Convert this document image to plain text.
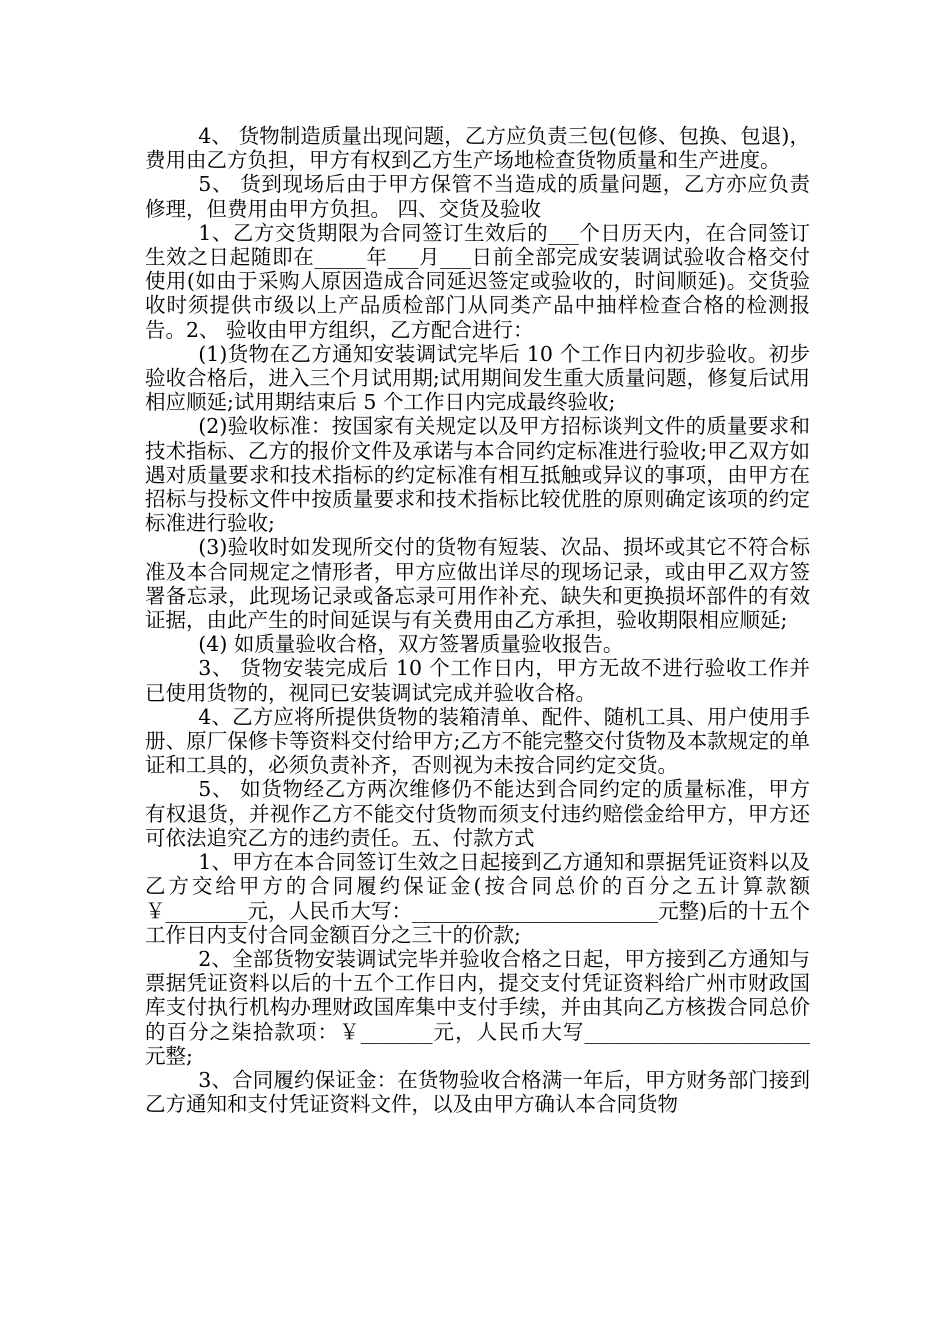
4、 货物制造质量出现问题，乙方应负责三包(包修、包换、包退)，费用由乙方负担，甲方有权到乙方生产场地检查货物质量和生产进度。

5、 货到现场后由于甲方保管不当造成的质量问题，乙方亦应负责修理，但费用由甲方负担。 四、交货及验收

1、乙方交货期限为合同签订生效后的___个日历天内，在合同签订生效之日起随即在_____年___月___日前全部完成安装调试验收合格交付使用(如由于采购人原因造成合同延迟签定或验收的，时间顺延)。交货验收时须提供市级以上产品质检部门从同类产品中抽样检查合格的检测报告。2、 验收由甲方组织，乙方配合进行：

(1)货物在乙方通知安装调试完毕后 10 个工作日内初步验收。初步验收合格后，进入三个月试用期;试用期间发生重大质量问题，修复后试用相应顺延;试用期结束后 5 个工作日内完成最终验收;

(2)验收标准：按国家有关规定以及甲方招标谈判文件的质量要求和技术指标、乙方的报价文件及承诺与本合同约定标准进行验收;甲乙双方如遇对质量要求和技术指标的约定标准有相互抵触或异议的事项，由甲方在招标与投标文件中按质量要求和技术指标比较优胜的原则确定该项的约定标准进行验收;

(3)验收时如发现所交付的货物有短装、次品、损坏或其它不符合标准及本合同规定之情形者，甲方应做出详尽的现场记录，或由甲乙双方签署备忘录，此现场记录或备忘录可用作补充、缺失和更换损坏部件的有效证据，由此产生的时间延误与有关费用由乙方承担，验收期限相应顺延;

(4) 如质量验收合格，双方签署质量验收报告。

3、 货物安装完成后 10 个工作日内，甲方无故不进行验收工作并已使用货物的，视同已安装调试完成并验收合格。

4、乙方应将所提供货物的装箱清单、配件、随机工具、用户使用手册、原厂保修卡等资料交付给甲方;乙方不能完整交付货物及本款规定的单证和工具的，必须负责补齐，否则视为未按合同约定交货。

5、 如货物经乙方两次维修仍不能达到合同约定的质量标准，甲方有权退货，并视作乙方不能交付货物而须支付违约赔偿金给甲方，甲方还可依法追究乙方的违约责任。五、付款方式

1、甲方在本合同签订生效之日起接到乙方通知和票据凭证资料以及乙方交给甲方的合同履约保证金(按合同总价的百分之五计算款额￥________元，人民币大写：________________________元整)后的十五个工作日内支付合同金额百分之三十的价款;

2、全部货物安装调试完毕并验收合格之日起，甲方接到乙方通知与票据凭证资料以后的十五个工作日内，提交支付凭证资料给广州市财政国库支付执行机构办理财政国库集中支付手续，并由其向乙方核拨合同总价的百分之柒拾款项：￥_______元，人民币大写______________________元整;

3、合同履约保证金：在货物验收合格满一年后，甲方财务部门接到乙方通知和支付凭证资料文件，以及由甲方确认本合同货物
